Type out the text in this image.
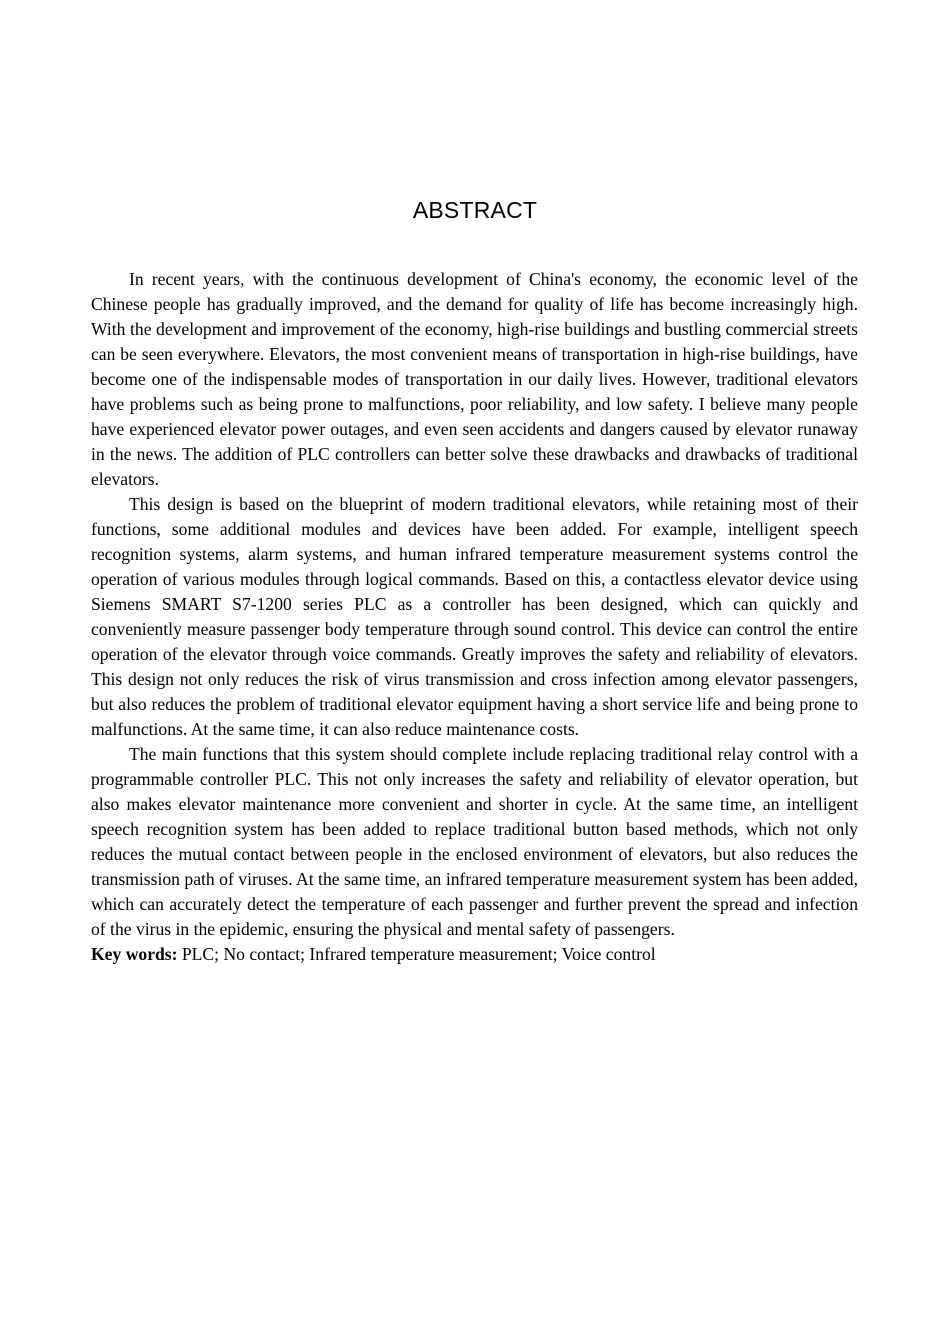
ABSTRACT

In recent years, with the continuous development of China's economy, the economic level of the Chinese people has gradually improved, and the demand for quality of life has become increasingly high. With the development and improvement of the economy, high-rise buildings and bustling commercial streets can be seen everywhere. Elevators, the most convenient means of transportation in high-rise buildings, have become one of the indispensable modes of transportation in our daily lives. However, traditional elevators have problems such as being prone to malfunctions, poor reliability, and low safety. I believe many people have experienced elevator power outages, and even seen accidents and dangers caused by elevator runaway in the news. The addition of PLC controllers can better solve these drawbacks and drawbacks of traditional elevators.

This design is based on the blueprint of modern traditional elevators, while retaining most of their functions, some additional modules and devices have been added. For example, intelligent speech recognition systems, alarm systems, and human infrared temperature measurement systems control the operation of various modules through logical commands. Based on this, a contactless elevator device using Siemens SMART S7-1200 series PLC as a controller has been designed, which can quickly and conveniently measure passenger body temperature through sound control. This device can control the entire operation of the elevator through voice commands. Greatly improves the safety and reliability of elevators. This design not only reduces the risk of virus transmission and cross infection among elevator passengers, but also reduces the problem of traditional elevator equipment having a short service life and being prone to malfunctions. At the same time, it can also reduce maintenance costs.

The main functions that this system should complete include replacing traditional relay control with a programmable controller PLC. This not only increases the safety and reliability of elevator operation, but also makes elevator maintenance more convenient and shorter in cycle. At the same time, an intelligent speech recognition system has been added to replace traditional button based methods, which not only reduces the mutual contact between people in the enclosed environment of elevators, but also reduces the transmission path of viruses. At the same time, an infrared temperature measurement system has been added, which can accurately detect the temperature of each passenger and further prevent the spread and infection of the virus in the epidemic, ensuring the physical and mental safety of passengers.

Key words: PLC; No contact; Infrared temperature measurement; Voice control
